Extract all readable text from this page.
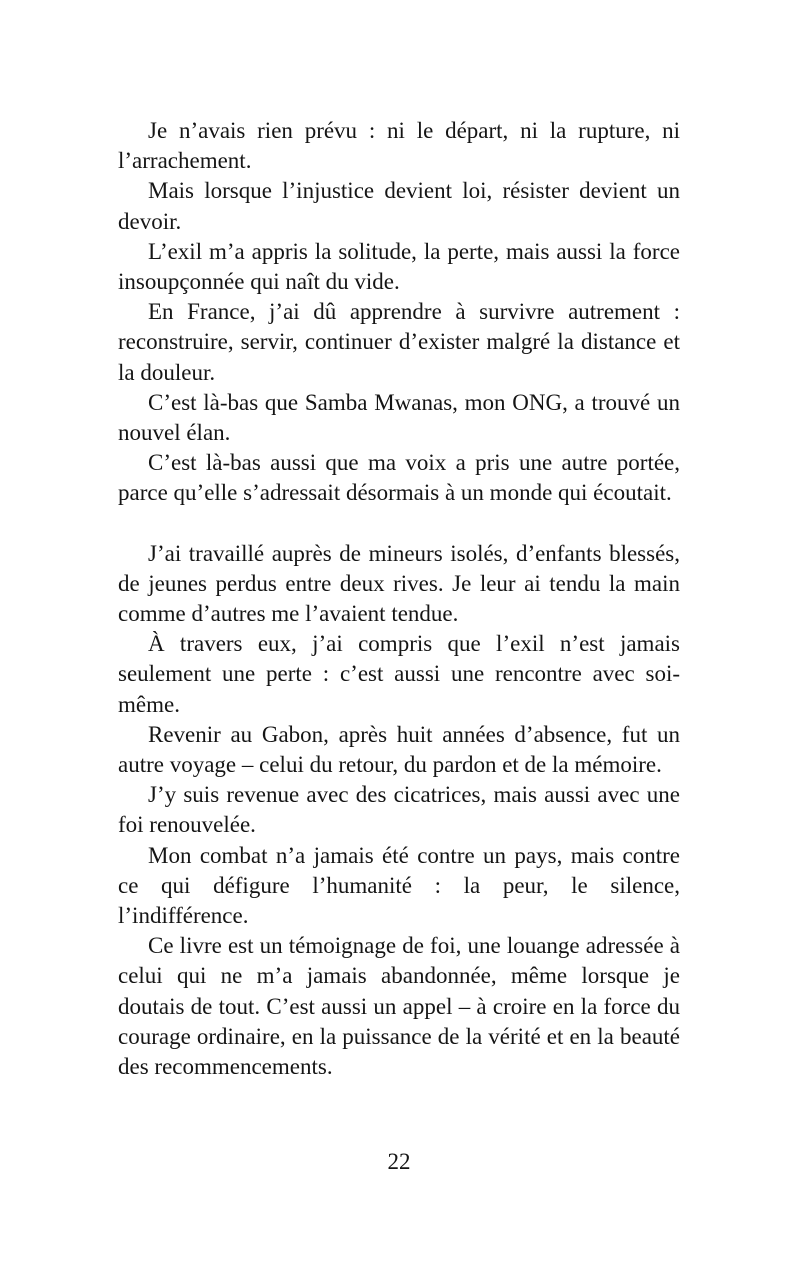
Je n’avais rien prévu : ni le départ, ni la rupture, ni l’arrachement.

Mais lorsque l’injustice devient loi, résister devient un devoir.

L’exil m’a appris la solitude, la perte, mais aussi la force insoupçonnée qui naît du vide.

En France, j’ai dû apprendre à survivre autrement : reconstruire, servir, continuer d’exister malgré la distance et la douleur.

C’est là-bas que Samba Mwanas, mon ONG, a trouvé un nouvel élan.

C’est là-bas aussi que ma voix a pris une autre portée, parce qu’elle s’adressait désormais à un monde qui écoutait.

J’ai travaillé auprès de mineurs isolés, d’enfants blessés, de jeunes perdus entre deux rives. Je leur ai tendu la main comme d’autres me l’avaient tendue.

À travers eux, j’ai compris que l’exil n’est jamais seulement une perte : c’est aussi une rencontre avec soi-même.

Revenir au Gabon, après huit années d’absence, fut un autre voyage – celui du retour, du pardon et de la mémoire.

J’y suis revenue avec des cicatrices, mais aussi avec une foi renouvelée.

Mon combat n’a jamais été contre un pays, mais contre ce qui défigure l’humanité : la peur, le silence, l’indifférence.

Ce livre est un témoignage de foi, une louange adressée à celui qui ne m’a jamais abandonnée, même lorsque je doutais de tout. C’est aussi un appel – à croire en la force du courage ordinaire, en la puissance de la vérité et en la beauté des recommencements.

22
